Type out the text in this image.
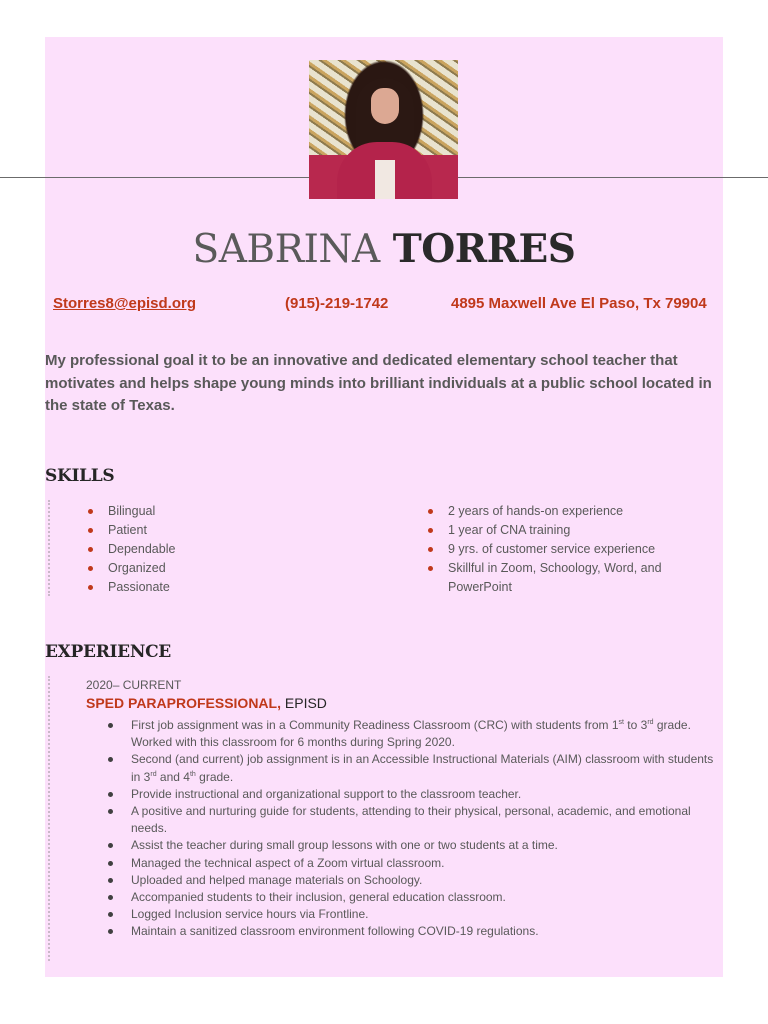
SABRINA TORRES
Storres8@episd.org	(915)-219-1742	4895 Maxwell Ave El Paso, Tx 79904

My professional goal it to be an innovative and dedicated elementary school teacher that motivates and helps shape young minds into brilliant individuals at a public school located in the state of Texas.

SKILLS
Bilingual
Patient
Dependable
Organized
Passionate
2 years of hands-on experience
1 year of CNA training
9 yrs. of customer service experience
Skillful in Zoom, Schoology, Word, and PowerPoint
EXPERIENCE
2020– CURRENT
SPED PARAPROFESSIONAL, EPISD
First job assignment was in a Community Readiness Classroom (CRC) with students from 1st to 3rd grade. Worked with this classroom for 6 months during Spring 2020.
Second (and current) job assignment is in an Accessible Instructional Materials (AIM) classroom with students in 3rd and 4th grade.
Provide instructional and organizational support to the classroom teacher.
A positive and nurturing guide for students, attending to their physical, personal, academic, and emotional needs.
Assist the teacher during small group lessons with one or two students at a time.
Managed the technical aspect of a Zoom virtual classroom.
Uploaded and helped manage materials on Schoology.
Accompanied students to their inclusion, general education classroom.
Logged Inclusion service hours via Frontline.
Maintain a sanitized classroom environment following COVID-19 regulations.
